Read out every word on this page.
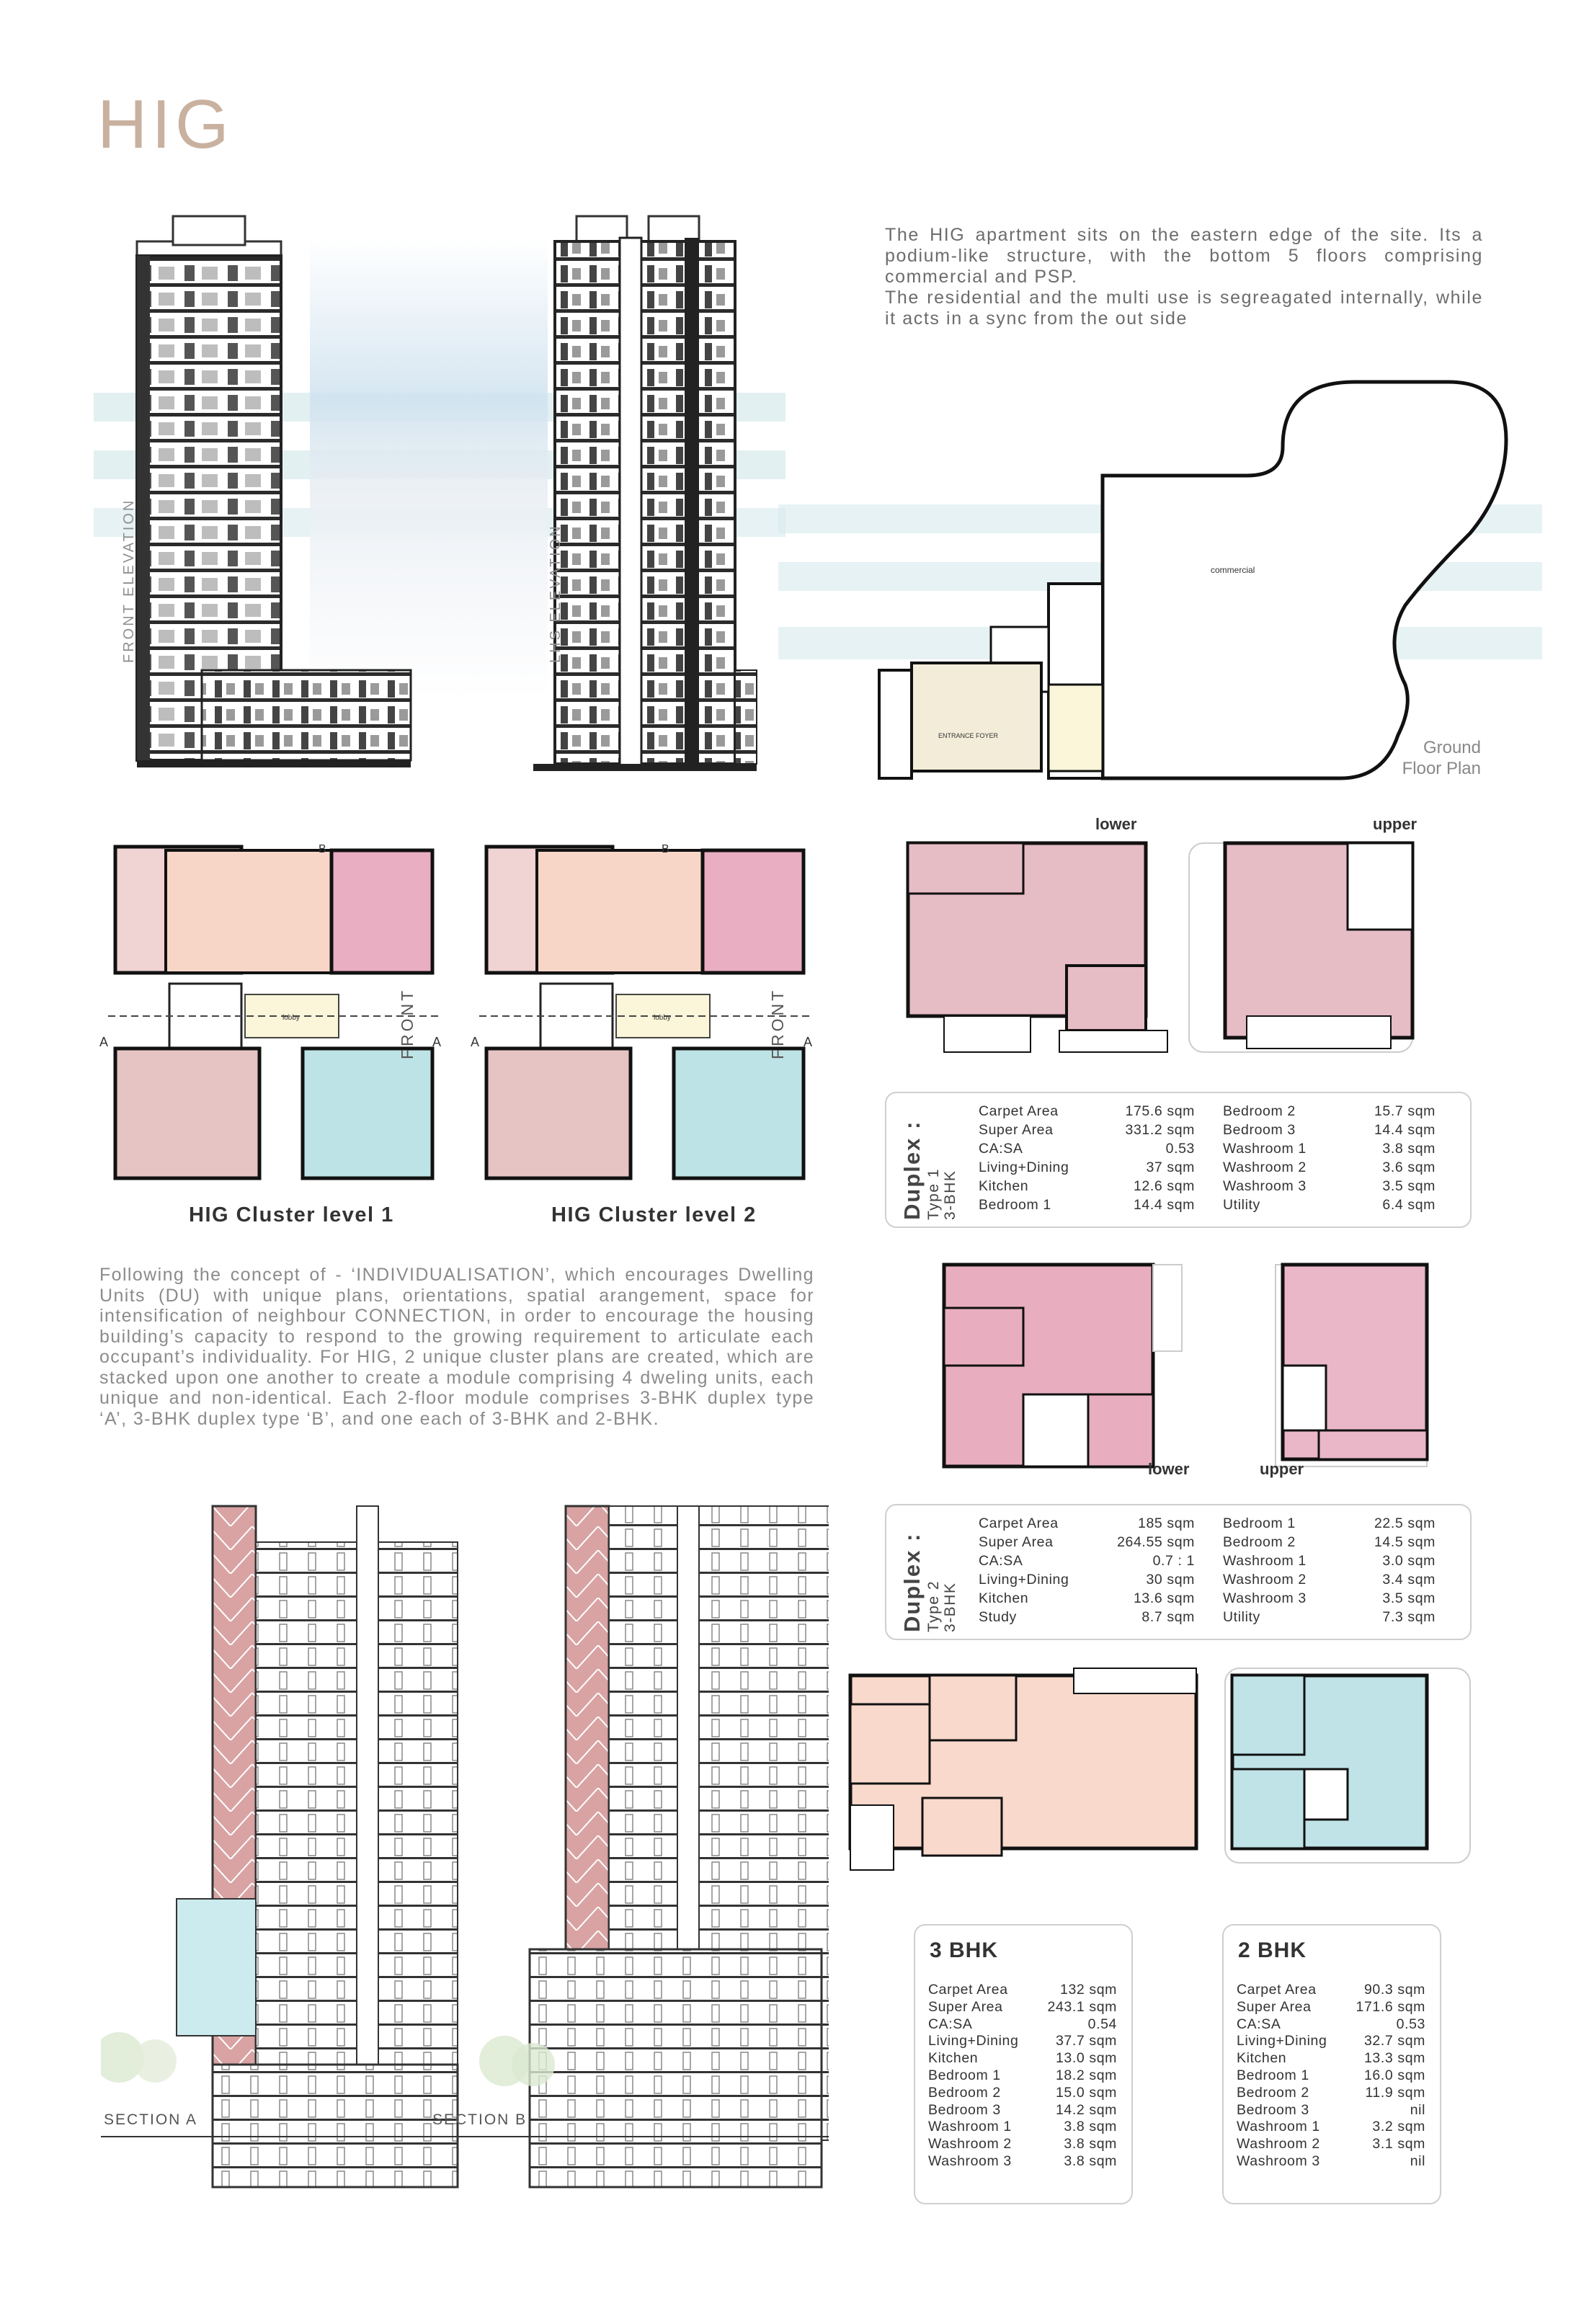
HIG
FRONT ELEVATION	LHS ELEVATION

The HIG apartment sits on the eastern edge of the site. Its a podium-like structure, with the bottom 5 floors comprising commercial and PSP.

The residential and the multi use is segreagated internally, while it acts in a sync from the out side

commercial
ENTRANCE FOYER
Ground
Floor Plan
A	A A	A
B	B
lobby	lobby
FRONT	FRONT
HIG Cluster level 1	HIG Cluster level 2
lower	upper
Duplex : Type 1 3-BHK
Carpet Area	175.6 sqm
Super Area	331.2 sqm
CA:SA	0.53
Living+Dining	37 sqm
Kitchen	12.6 sqm
Bedroom 1	14.4 sqm
Bedroom 2	15.7 sqm
Bedroom 3	14.4 sqm
Washroom 1	3.8 sqm
Washroom 2	3.6 sqm
Washroom 3	3.5 sqm
Utility	6.4 sqm
Following the concept of - ‘INDIVIDUALISATION’, which encourages Dwelling Units (DU) with unique plans, orientations, spatial arangement, space for intensification of neighbour CONNECTION, in order to encourage the housing building’s capacity to respond to the growing requirement to articulate each occupant’s individuality. For HIG, 2 unique cluster plans are created, which are stacked upon one another to create a module comprising 4 dweling units, each unique and non-identical. Each 2-floor module comprises 3-BHK duplex type ‘A’, 3-BHK duplex type ‘B’, and one each of 3-BHK and 2-BHK.
lower	upper
Duplex : Type 2 3-BHK
Carpet Area	185 sqm
Super Area	264.55 sqm
CA:SA	0.7 : 1
Living+Dining	30 sqm
Kitchen	13.6 sqm
Study	8.7 sqm
Bedroom 1	22.5 sqm
Bedroom 2	14.5 sqm
Washroom 1	3.0 sqm
Washroom 2	3.4 sqm
Washroom 3	3.5 sqm
Utility	7.3 sqm
SECTION A	SECTION B
3 BHK
Carpet Area	132 sqm
Super Area	243.1 sqm
CA:SA	0.54
Living+Dining	37.7 sqm
Kitchen	13.0 sqm
Bedroom 1	18.2 sqm
Bedroom 2	15.0 sqm
Bedroom 3	14.2 sqm
Washroom 1	3.8 sqm
Washroom 2	3.8 sqm
Washroom 3	3.8 sqm
2 BHK
Carpet Area	90.3 sqm
Super Area	171.6 sqm
CA:SA	0.53
Living+Dining	32.7 sqm
Kitchen	13.3 sqm
Bedroom 1	16.0 sqm
Bedroom 2	11.9 sqm
Bedroom 3	nil
Washroom 1	3.2 sqm
Washroom 2	3.1 sqm
Washroom 3	nil
